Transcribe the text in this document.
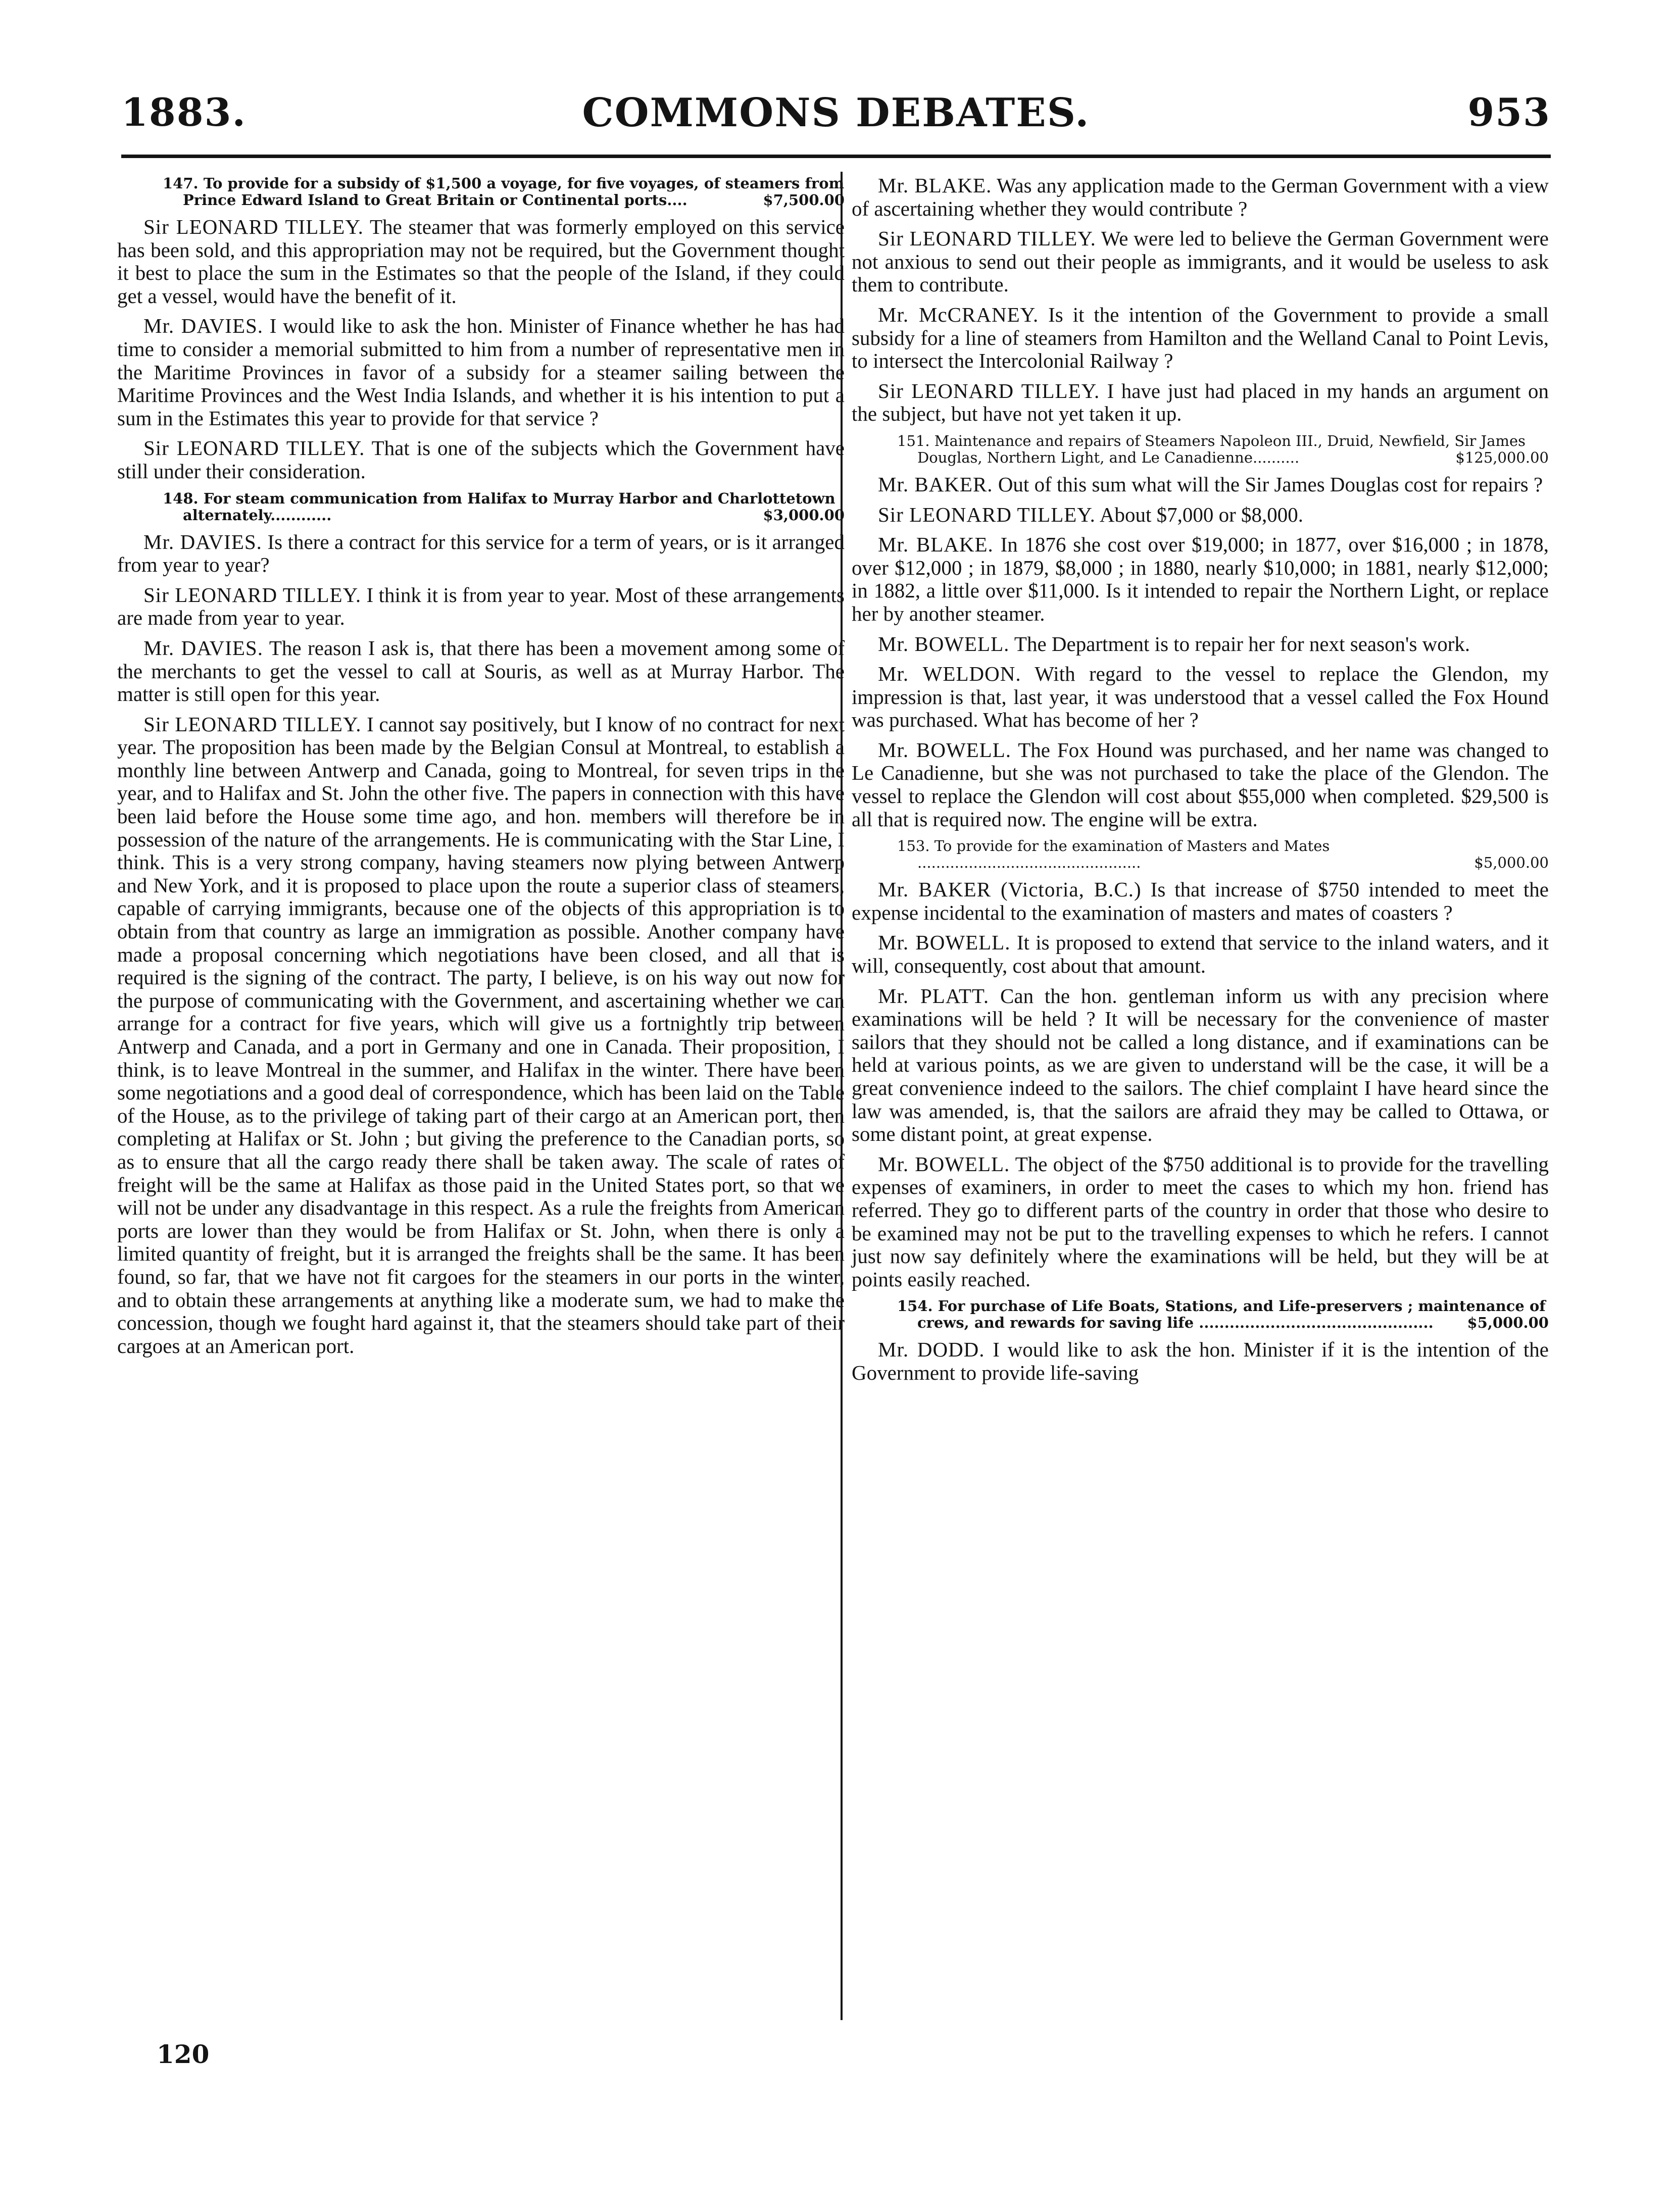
1883.	COMMONS DEBATES.	953
147. To provide for a subsidy of $1,500 a voyage, for five voyages, of steamers from Prince Edward Island to Great Britain or Continental ports....	$7,500.00

Sir LEONARD TILLEY. The steamer that was formerly employed on this service has been sold, and this appropriation may not be required, but the Government thought it best to place the sum in the Estimates so that the people of the Island, if they could get a vessel, would have the benefit of it.

Mr. DAVIES. I would like to ask the hon. Minister of Finance whether he has had time to consider a memorial submitted to him from a number of representative men in the Maritime Provinces in favor of a subsidy for a steamer sailing between the Maritime Provinces and the West India Islands, and whether it is his intention to put a sum in the Estimates this year to provide for that service ?

Sir LEONARD TILLEY. That is one of the subjects which the Government have still under their consideration.

148. For steam communication from Halifax to Murray Harbor and Charlottetown alternately............	$3,000.00

Mr. DAVIES. Is there a contract for this service for a term of years, or is it arranged from year to year?

Sir LEONARD TILLEY. I think it is from year to year. Most of these arrangements are made from year to year.

Mr. DAVIES. The reason I ask is, that there has been a movement among some of the merchants to get the vessel to call at Souris, as well as at Murray Harbor. The matter is still open for this year.

Sir LEONARD TILLEY. I cannot say positively, but I know of no contract for next year. The proposition has been made by the Belgian Consul at Montreal, to establish a monthly line between Antwerp and Canada, going to Montreal, for seven trips in the year, and to Halifax and St. John the other five. The papers in connection with this have been laid before the House some time ago, and hon. members will therefore be in possession of the nature of the arrangements. He is communicating with the Star Line, I think. This is a very strong company, having steamers now plying between Antwerp and New York, and it is proposed to place upon the route a superior class of steamers, capable of carrying immigrants, because one of the objects of this appropriation is to obtain from that country as large an immigration as possible. Another company have made a proposal concerning which negotiations have been closed, and all that is required is the signing of the contract. The party, I believe, is on his way out now for the purpose of communicating with the Government, and ascertaining whether we can arrange for a contract for five years, which will give us a fortnightly trip between Antwerp and Canada, and a port in Germany and one in Canada. Their proposition, I think, is to leave Montreal in the summer, and Halifax in the winter. There have been some negotiations and a good deal of correspondence, which has been laid on the Table of the House, as to the privilege of taking part of their cargo at an American port, then completing at Halifax or St. John ; but giving the preference to the Canadian ports, so as to ensure that all the cargo ready there shall be taken away. The scale of rates of freight will be the same at Halifax as those paid in the United States port, so that we will not be under any disadvantage in this respect. As a rule the freights from American ports are lower than they would be from Halifax or St. John, when there is only a limited quantity of freight, but it is arranged the freights shall be the same. It has been found, so far, that we have not fit cargoes for the steamers in our ports in the winter, and to obtain these arrangements at anything like a moderate sum, we had to make the concession, though we fought hard against it, that the steamers should take part of their cargoes at an American port.

Mr. BLAKE. Was any application made to the German Government with a view of ascertaining whether they would contribute ?

Sir LEONARD TILLEY. We were led to believe the German Government were not anxious to send out their people as immigrants, and it would be useless to ask them to contribute.

Mr. McCRANEY. Is it the intention of the Government to provide a small subsidy for a line of steamers from Hamilton and the Welland Canal to Point Levis, to intersect the Intercolonial Railway ?

Sir LEONARD TILLEY. I have just had placed in my hands an argument on the subject, but have not yet taken it up.

151. Maintenance and repairs of Steamers Napoleon III., Druid, Newfield, Sir James Douglas, Northern Light, and Le Canadienne..........	$125,000.00

Mr. BAKER. Out of this sum what will the Sir James Douglas cost for repairs ?

Sir LEONARD TILLEY. About $7,000 or $8,000.

Mr. BLAKE. In 1876 she cost over $19,000; in 1877, over $16,000 ; in 1878, over $12,000 ; in 1879, $8,000 ; in 1880, nearly $10,000; in 1881, nearly $12,000; in 1882, a little over $11,000. Is it intended to repair the Northern Light, or replace her by another steamer.

Mr. BOWELL. The Department is to repair her for next season's work.

Mr. WELDON. With regard to the vessel to replace the Glendon, my impression is that, last year, it was understood that a vessel called the Fox Hound was purchased. What has become of her ?

Mr. BOWELL. The Fox Hound was purchased, and her name was changed to Le Canadienne, but she was not purchased to take the place of the Glendon. The vessel to replace the Glendon will cost about $55,000 when completed. $29,500 is all that is required now. The engine will be extra.

153. To provide for the examination of Masters and Mates ................................................	$5,000.00

Mr. BAKER (Victoria, B.C.) Is that increase of $750 intended to meet the expense incidental to the examination of masters and mates of coasters ?

Mr. BOWELL. It is proposed to extend that service to the inland waters, and it will, consequently, cost about that amount.

Mr. PLATT. Can the hon. gentleman inform us with any precision where examinations will be held ? It will be necessary for the convenience of master sailors that they should not be called a long distance, and if examinations can be held at various points, as we are given to understand will be the case, it will be a great convenience indeed to the sailors. The chief complaint I have heard since the law was amended, is, that the sailors are afraid they may be called to Ottawa, or some distant point, at great expense.

Mr. BOWELL. The object of the $750 additional is to provide for the travelling expenses of examiners, in order to meet the cases to which my hon. friend has referred. They go to different parts of the country in order that those who desire to be examined may not be put to the travelling expenses to which he refers. I cannot just now say definitely where the examinations will be held, but they will be at points easily reached.

154. For purchase of Life Boats, Stations, and Life-preservers ; maintenance of crews, and rewards for saving life .............................................. $5,000.00

Mr. DODD. I would like to ask the hon. Minister if it is the intention of the Government to provide life-saving

120
